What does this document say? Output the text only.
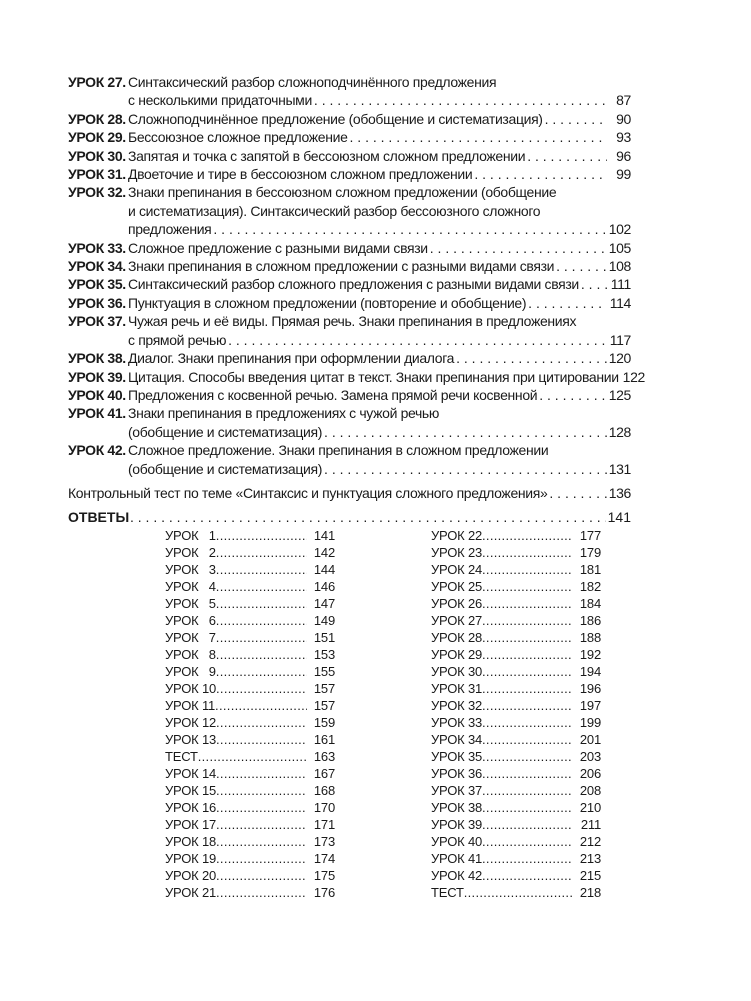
УРОК 27. Синтаксический разбор сложноподчинённого предложения
с несколькими придаточными . . .	87
УРОК 28. Сложноподчинённое предложение (обобщение и систематизация) . . .	90
УРОК 29. Бессоюзное сложное предложение . . .	93
УРОК 30. Запятая и точка с запятой в бессоюзном сложном предложении . . .	96
УРОК 31. Двоеточие и тире в бессоюзном сложном предложении . . .	99
УРОК 32. Знаки препинания в бессоюзном сложном предложении (обобщение
и систематизация). Синтаксический разбор бессоюзного сложного
предложения . . .	102
УРОК 33. Сложное предложение с разными видами связи . . .	105
УРОК 34. Знаки препинания в сложном предложении с разными видами связи . . .	108
УРОК 35. Синтаксический разбор сложного предложения с разными видами связи . . . 111
УРОК 36. Пунктуация в сложном предложении (повторение и обобщение) . . .	114
УРОК 37. Чужая речь и её виды. Прямая речь. Знаки препинания в предложениях
с прямой речью . . .	117
УРОК 38. Диалог. Знаки препинания при оформлении диалога . . .	120
УРОК 39. Цитация. Способы введения цитат в текст. Знаки препинания при цитировании 122
УРОК 40. Предложения с косвенной речью. Замена прямой речи косвенной . . .	125
УРОК 41. Знаки препинания в предложениях с чужой речью
(обобщение и систематизация) . . .	128
УРОК 42. Сложное предложение. Знаки препинания в сложном предложении
(обобщение и систематизация) . . .	131
Контрольный тест по теме «Синтаксис и пунктуация сложного предложения» . . .	136
ОТВЕТЫ . . .	141
УРОК   1 .....	141
УРОК   2 .....	142
УРОК   3 .....	144
УРОК   4 .....	146
УРОК   5 .....	147
УРОК   6 .....	149
УРОК   7 .....	151
УРОК   8 .....	153
УРОК   9 .....	155
УРОК 10 .....	157
УРОК 11 .....	157
УРОК 12 .....	159
УРОК 13 .....	161
ТЕСТ .....	163
УРОК 14 .....	167
УРОК 15 .....	168
УРОК 16 .....	170
УРОК 17 .....	171
УРОК 18 .....	173
УРОК 19 .....	174
УРОК 20 .....	175
УРОК 21 .....	176
УРОК 22 .....	177
УРОК 23 .....	179
УРОК 24 .....	181
УРОК 25 .....	182
УРОК 26 .....	184
УРОК 27 .....	186
УРОК 28 .....	188
УРОК 29 .....	192
УРОК 30 .....	194
УРОК 31 .....	196
УРОК 32 .....	197
УРОК 33 .....	199
УРОК 34 .....	201
УРОК 35 .....	203
УРОК 36 .....	206
УРОК 37 .....	208
УРОК 38 .....	210
УРОК 39 .....	211
УРОК 40 .....	212
УРОК 41 .....	213
УРОК 42 .....	215
ТЕСТ .....	218
